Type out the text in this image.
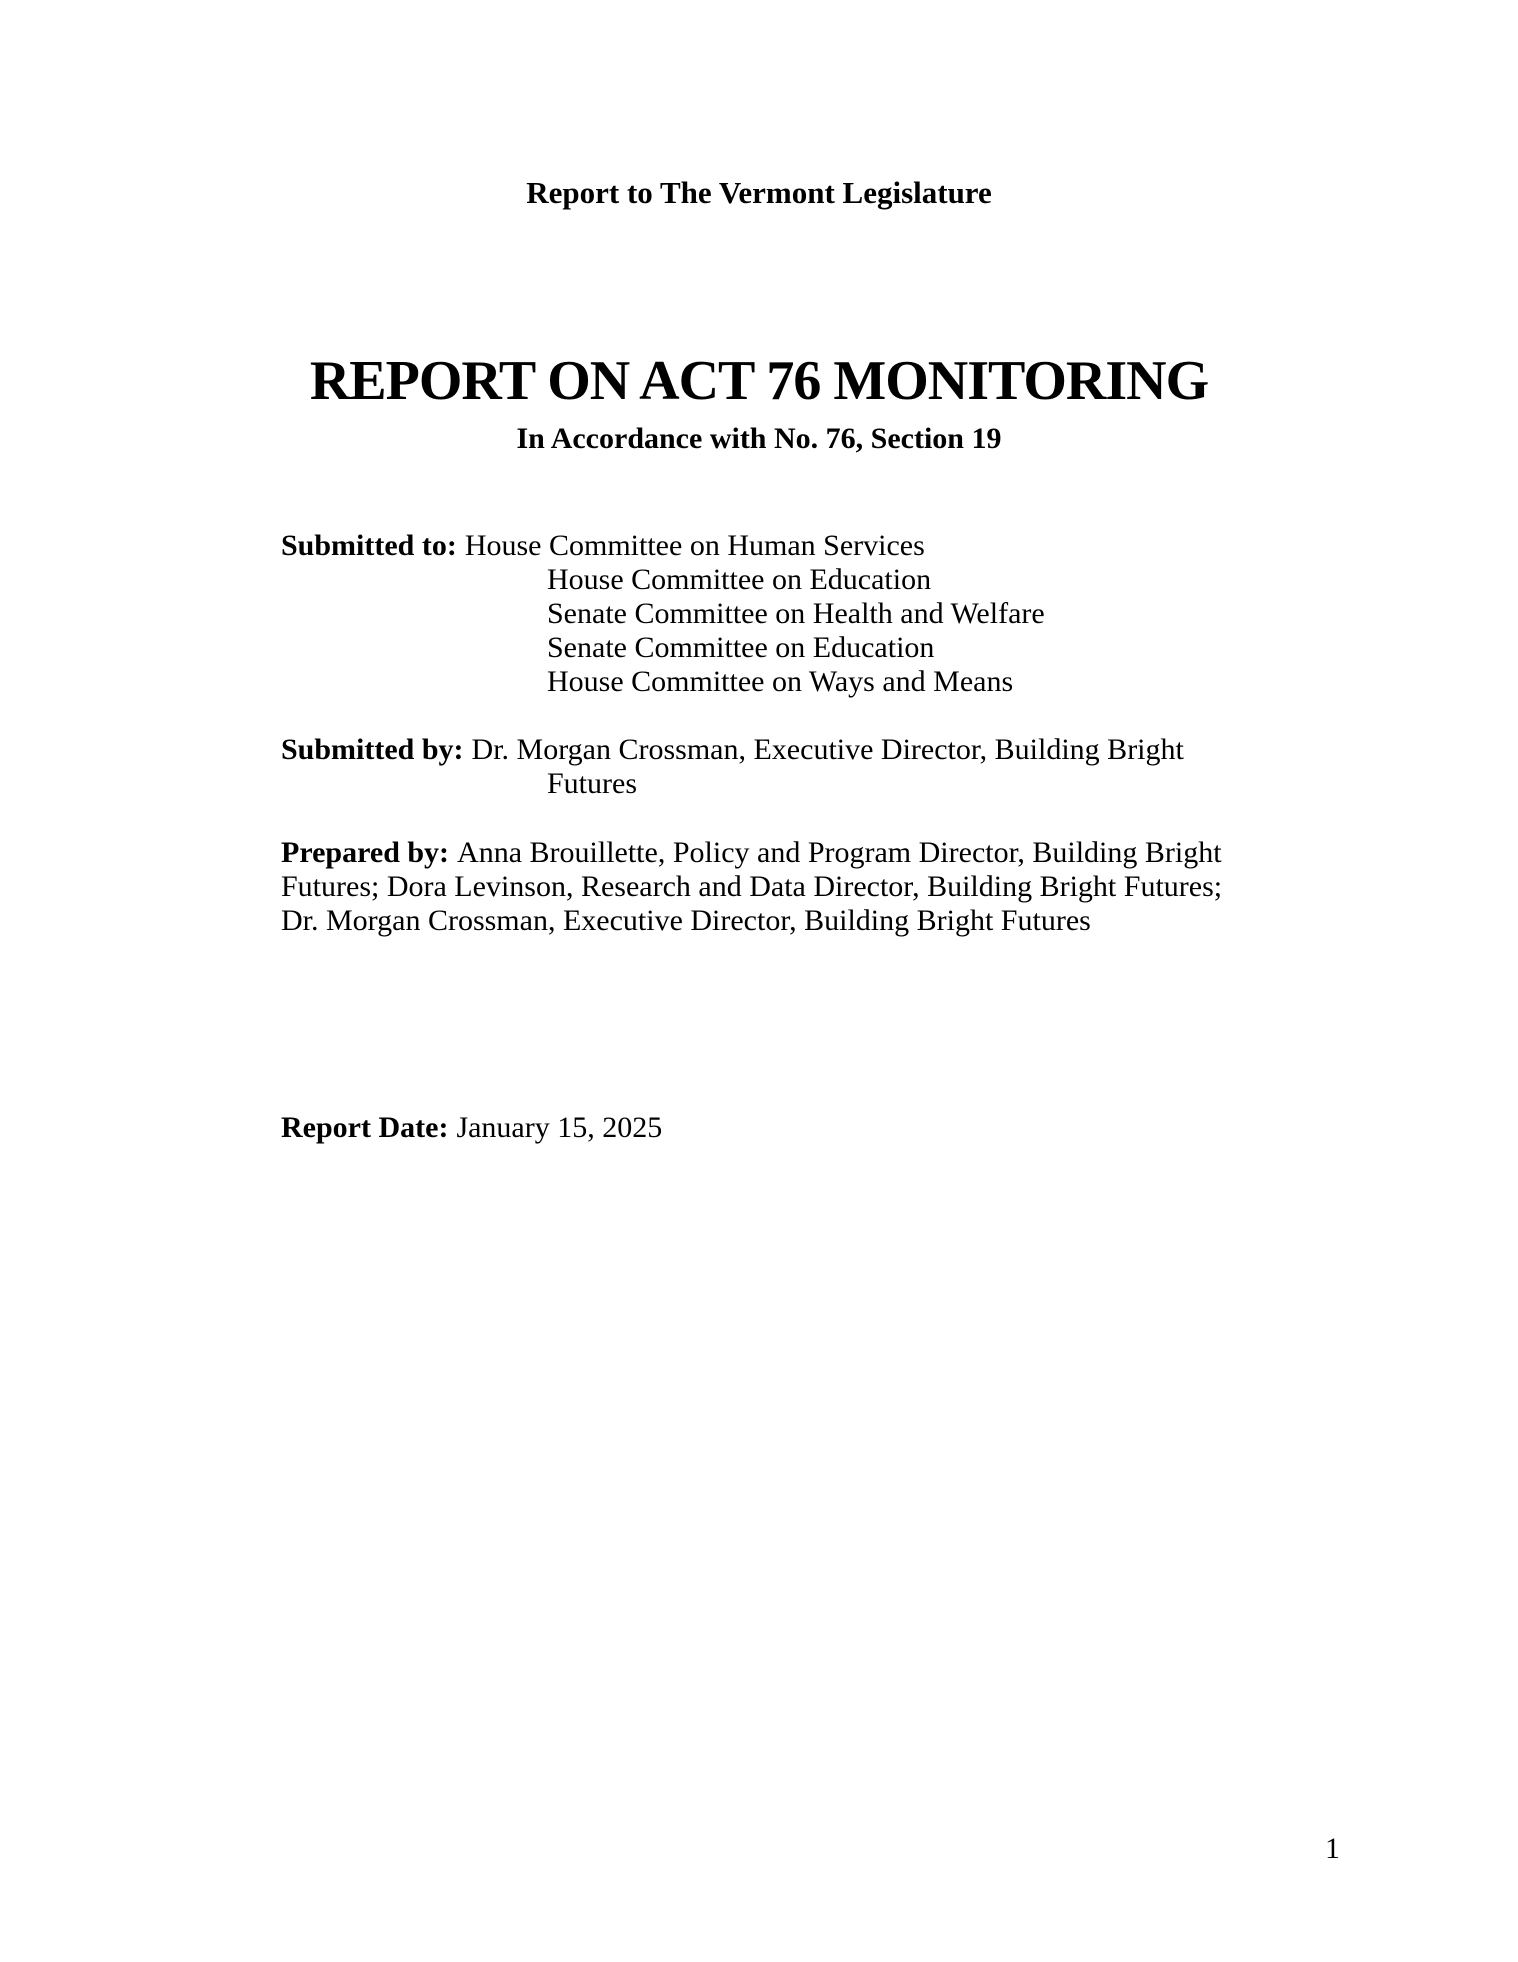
Report to The Vermont Legislature
REPORT ON ACT 76 MONITORING
In Accordance with No. 76, Section 19
Submitted to: House Committee on Human Services
House Committee on Education
Senate Committee on Health and Welfare
Senate Committee on Education
House Committee on Ways and Means
Submitted by: Dr. Morgan Crossman, Executive Director, Building Bright
Futures
Prepared by: Anna Brouillette, Policy and Program Director, Building Bright
Futures; Dora Levinson, Research and Data Director, Building Bright Futures;
Dr. Morgan Crossman, Executive Director, Building Bright Futures
Report Date: January 15, 2025
1
